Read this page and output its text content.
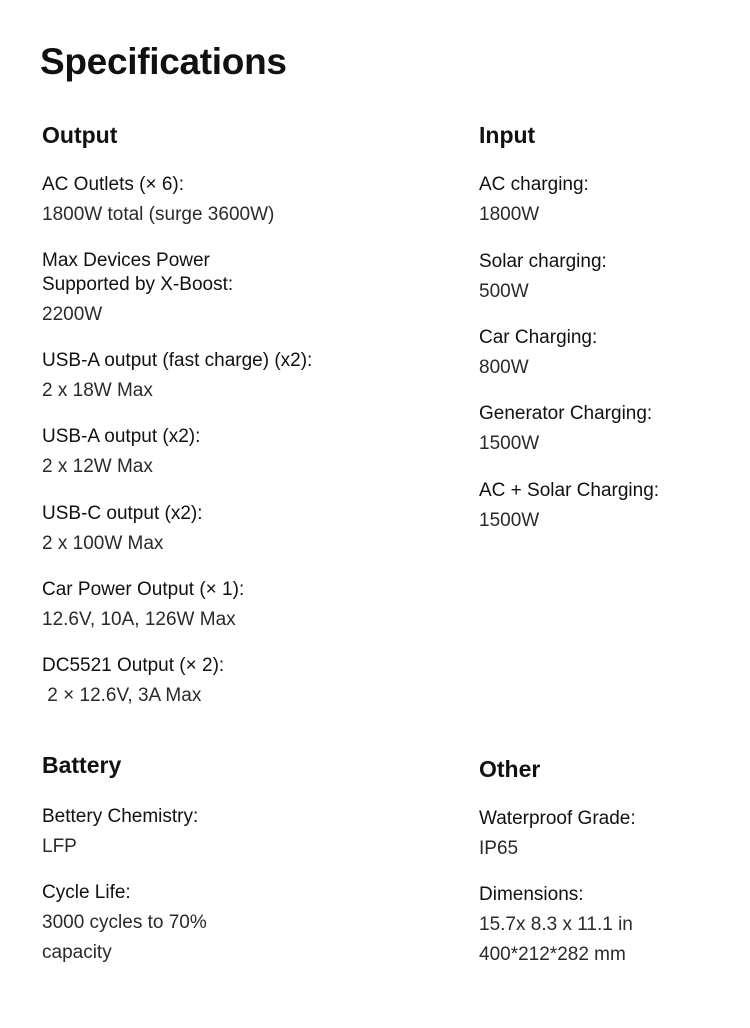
Specifications
Output
AC Outlets (× 6):
1800W total (surge 3600W)
Max Devices Power
Supported by X-Boost:
2200W
USB-A output (fast charge) (x2):
2 x 18W Max
USB-A output (x2):
2 x 12W Max
USB-C output (x2):
2 x 100W Max
Car Power Output (× 1):
12.6V, 10A, 126W Max
DC5521 Output (× 2):
2 × 12.6V, 3A Max
Input
AC charging:
1800W
Solar charging:
500W
Car Charging:
800W
Generator Charging:
1500W
AC + Solar Charging:
1500W
Battery
Bettery Chemistry:
LFP
Cycle Life:
3000 cycles to 70%
capacity
Other
Waterproof Grade:
IP65
Dimensions:
15.7x 8.3 x 11.1 in
400*212*282 mm
